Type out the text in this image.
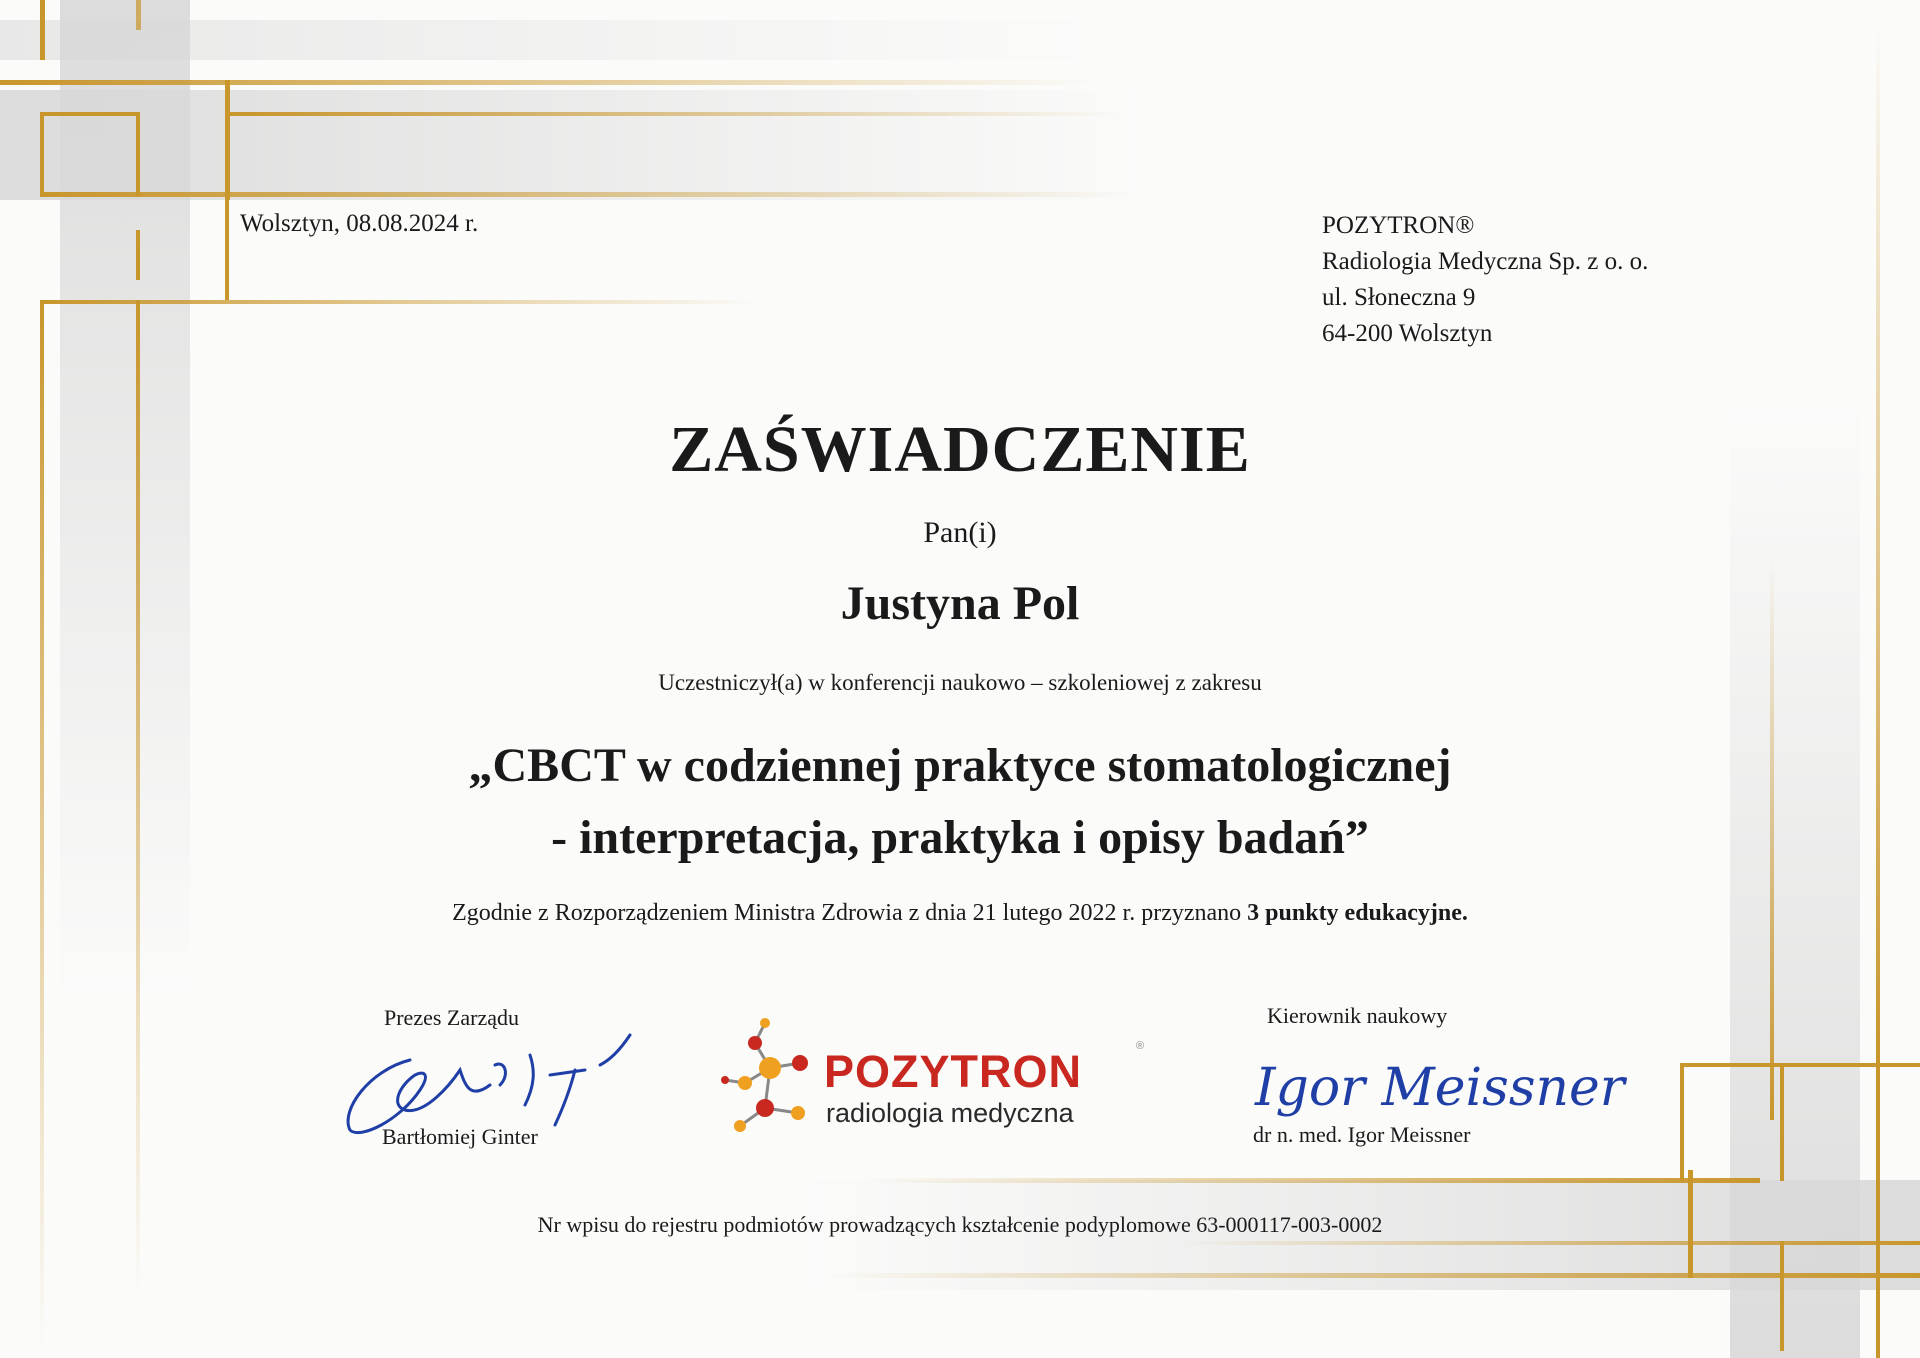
Wolsztyn, 08.08.2024 r.	POZYTRON®
Radiologia Medyczna Sp. z o. o.
ul. Słoneczna 9
64-200 Wolsztyn
ZAŚWIADCZENIE

Pan(i)

Justyna Pol

Uczestniczył(a) w konferencji naukowo – szkoleniowej z zakresu

„CBCT w codziennej praktyce stomatologicznej

- interpretacja, praktyka i opisy badań”

Zgodnie z Rozporządzeniem Ministra Zdrowia z dnia 21 lutego 2022 r. przyznano 3 punkty edukacyjne.

Prezes Zarządu

Bartłomiej Ginter

POZYTRON	®
radiologia medyczna

Kierownik naukowy

Igor Meissner

dr n. med. Igor Meissner

Nr wpisu do rejestru podmiotów prowadzących kształcenie podyplomowe 63-000117-003-0002
